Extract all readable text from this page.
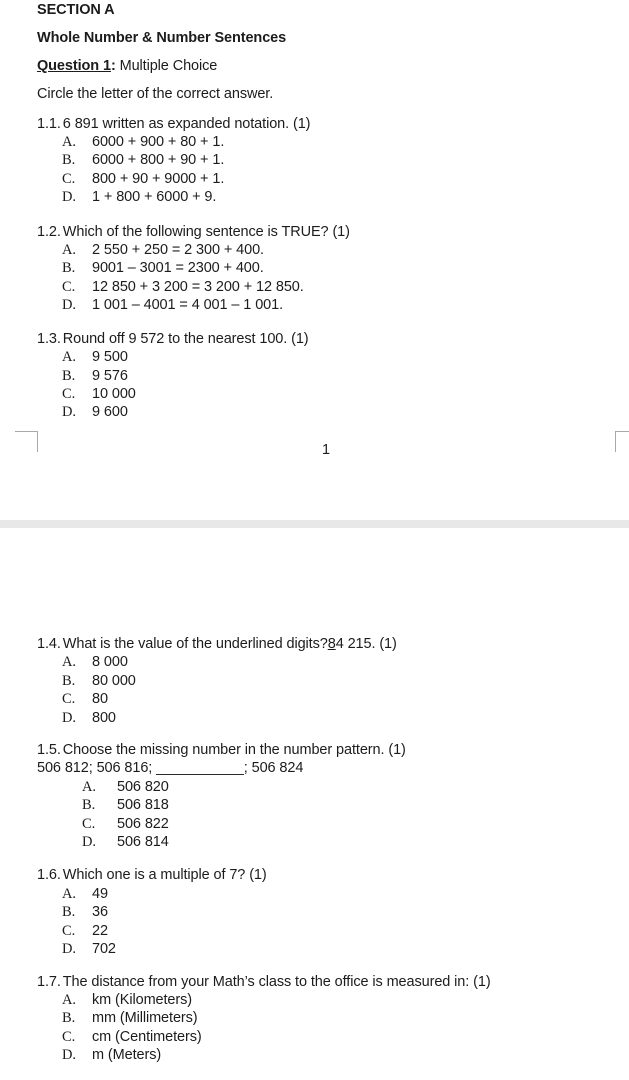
SECTION A

Whole Number & Number Sentences

Question 1: Multiple Choice

Circle the letter of the correct answer.

1.1. 6 891 written as expanded notation. (1)
A. 6000 + 900 + 80 + 1.
B. 6000 + 800 + 90 + 1.
C. 800 + 90 + 9000 + 1.
D. 1 + 800 + 6000 + 9.
1.2. Which of the following sentence is TRUE? (1)
A. 2 550 + 250 = 2 300 + 400.
B. 9001 – 3001 = 2300 + 400.
C. 12 850 + 3 200 = 3 200 + 12 850.
D. 1 001 – 4001 = 4 001 – 1 001.
1.3. Round off 9 572 to the nearest 100. (1)
A. 9 500
B. 9 576
C. 10 000
D. 9 600
1
1.4. What is the value of the underlined digits?84 215. (1)
A. 8 000
B. 80 000
C. 80
D. 800
1.5. Choose the missing number in the number pattern. (1)
506 812; 506 816; ___________; 506 824
A. 506 820
B. 506 818
C. 506 822
D. 506 814
1.6. Which one is a multiple of 7? (1)
A. 49
B. 36
C. 22
D. 702
1.7. The distance from your Math’s class to the office is measured in: (1)
A. km (Kilometers)
B. mm (Millimeters)
C. cm (Centimeters)
D. m (Meters)
